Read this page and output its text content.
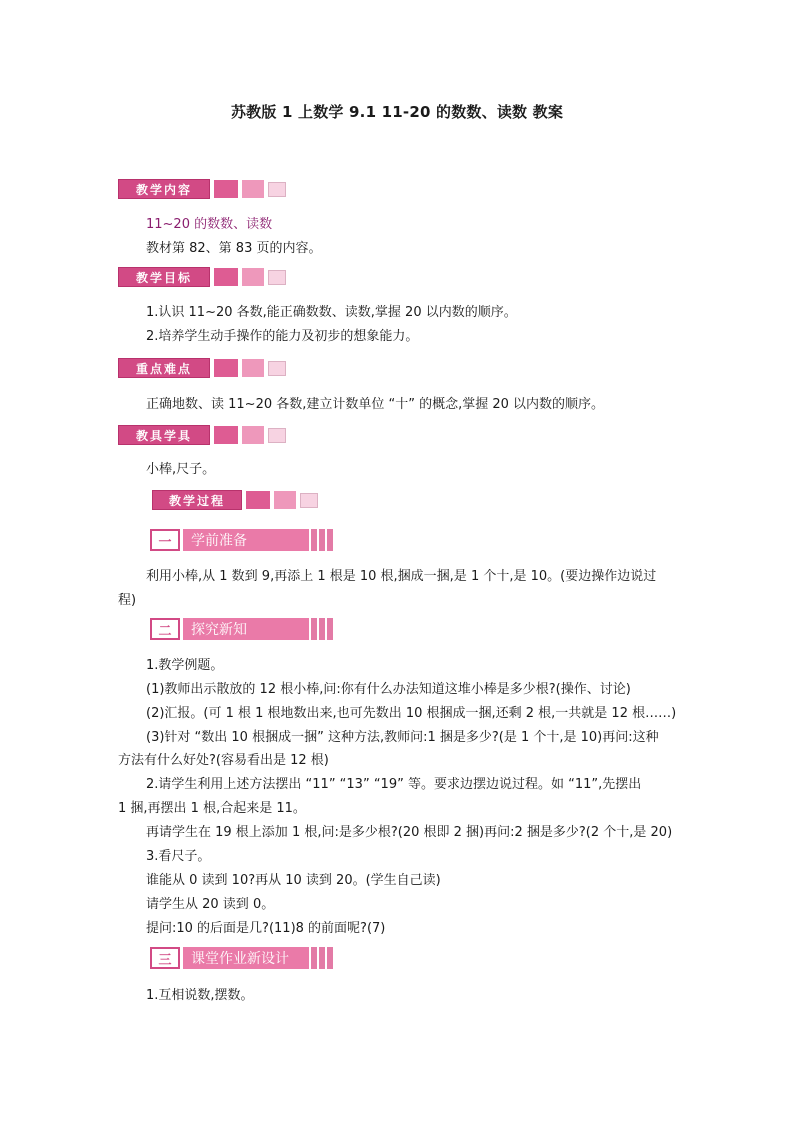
苏教版 1 上数学 9.1 11-20 的数数、读数 教案
教学内容
11~20 的数数、读数
教材第 82、第 83 页的内容。
教学目标
1.认识 11~20 各数,能正确数数、读数,掌握 20 以内数的顺序。
2.培养学生动手操作的能力及初步的想象能力。
重点难点
正确地数、读 11~20 各数,建立计数单位 “十” 的概念,掌握 20 以内数的顺序。
教具学具
小棒,尺子。
教学过程
一	学前准备
利用小棒,从 1 数到 9,再添上 1 根是 10 根,捆成一捆,是 1 个十,是 10。(要边操作边说过
程)
二	探究新知
1.教学例题。
(1)教师出示散放的 12 根小棒,问:你有什么办法知道这堆小棒是多少根?(操作、讨论)
(2)汇报。(可 1 根 1 根地数出来,也可先数出 10 根捆成一捆,还剩 2 根,一共就是 12 根……)
(3)针对 “数出 10 根捆成一捆” 这种方法,教师问:1 捆是多少?(是 1 个十,是 10)再问:这种
方法有什么好处?(容易看出是 12 根)
2.请学生利用上述方法摆出 “11” “13” “19” 等。要求边摆边说过程。如 “11”,先摆出
1 捆,再摆出 1 根,合起来是 11。
再请学生在 19 根上添加 1 根,问:是多少根?(20 根即 2 捆)再问:2 捆是多少?(2 个十,是 20)
3.看尺子。
谁能从 0 读到 10?再从 10 读到 20。(学生自己读)
请学生从 20 读到 0。
提问:10 的后面是几?(11)8 的前面呢?(7)
三	课堂作业新设计
1.互相说数,摆数。
